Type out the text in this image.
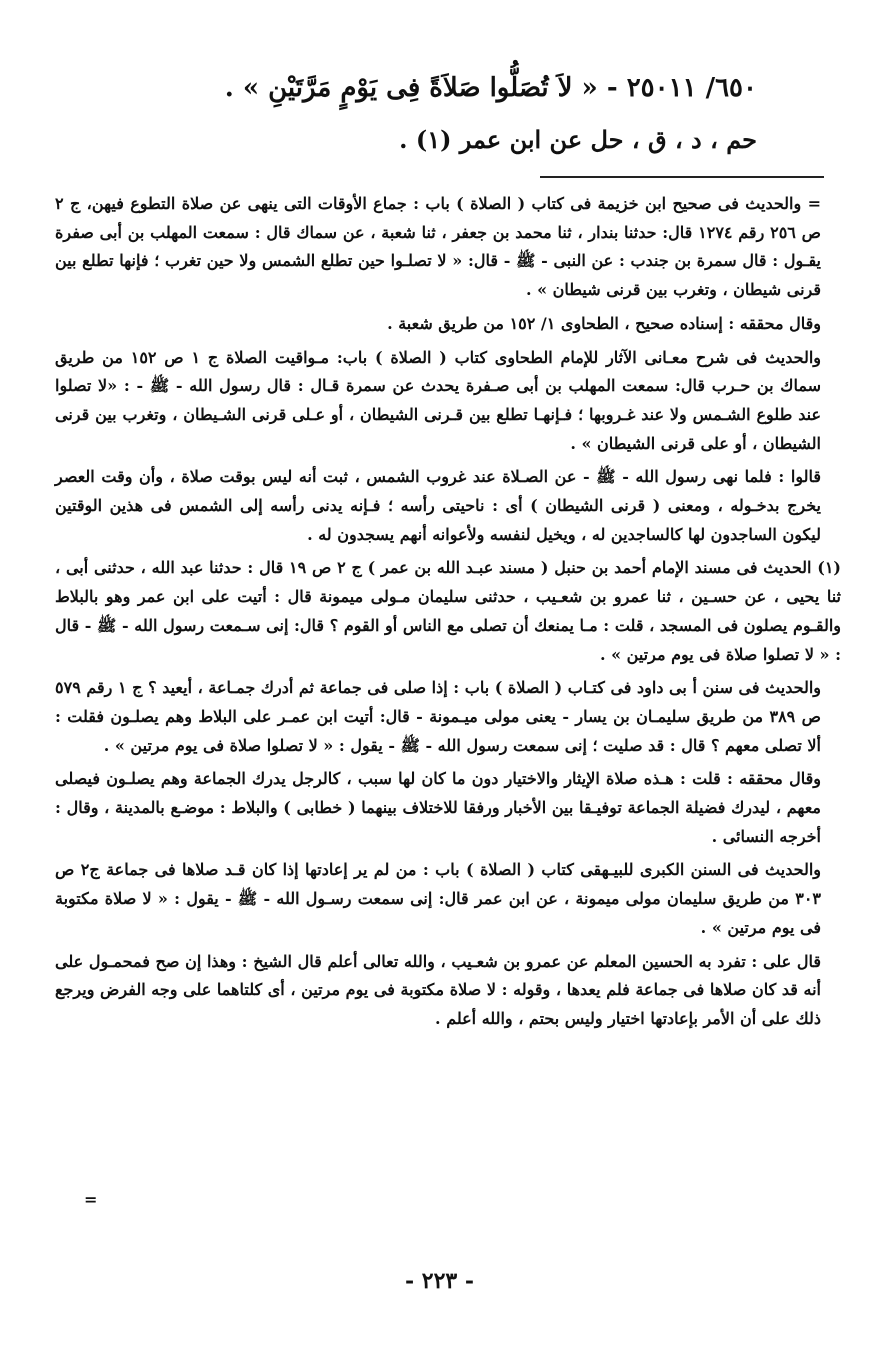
٦٥٠/ ٢٥٠١١ - « لاَ تُصَلُّوا صَلاَةً فِى يَوْمٍ مَرَّتَيْنِ » .
حم ، د ، ق ، حل عن ابن عمر (١) .

= والحديث فى صحيح ابن خزيمة فى كتاب ( الصلاة ) باب : جماع الأوقات التى ينهى عن صلاة التطوع فيهن، ج ٢ ص ٢٥٦ رقم ١٢٧٤ قال: حدثنا بندار ، ثنا محمد بن جعفر ، ثنا شعبة ، عن سماك قال : سمعت المهلب بن أبى صفرة يقـول : قال سمرة بن جندب : عن النبى - ﷺ - قال: « لا تصلـوا حين تطلع الشمس ولا حين تغرب ؛ فإنها تطلع بين قرنى شيطان ، وتغرب بين قرنى شيطان » .

وقال محققه : إسناده صحيح ، الطحاوى ١/ ١٥٢ من طريق شعبة .

والحديث فى شرح معـانى الآثار للإمام الطحاوى كتاب ( الصلاة ) باب: مـواقيت الصلاة ج ١ ص ١٥٢ من طريق سماك بن حـرب قال: سمعت المهلب بن أبى صـفرة يحدث عن سمرة قـال : قال رسول الله - ﷺ - : «لا تصلوا عند طلوع الشـمس ولا عند غـروبها ؛ فـإنهـا تطلع بين قـرنى الشيطان ، أو عـلى قرنى الشـيطان ، وتغرب بين قرنى الشيطان ، أو على قرنى الشيطان » .

قالوا : فلما نهى رسول الله - ﷺ - عن الصـلاة عند غروب الشمس ، ثبت أنه ليس بوقت صلاة ، وأن وقت العصر يخرج بدخـوله ، ومعنى ( قرنى الشيطان ) أى : ناحيتى رأسه ؛ فـإنه يدنى رأسه إلى الشمس فى هذين الوقتين ليكون الساجدون لها كالساجدين له ، ويخيل لنفسه ولأعوانه أنهم يسجدون له .

(١) الحديث فى مسند الإمام أحمد بن حنبل ( مسند عبـد الله بن عمر ) ج ٢ ص ١٩ قال : حدثنا عبد الله ، حدثنى أبى ، ثنا يحيى ، عن حسـين ، ثنا عمرو بن شعـيب ، حدثنى سليمان مـولى ميمونة قال : أتيت على ابن عمر وهو بالبلاط والقـوم يصلون فى المسجد ، قلت : مـا يمنعك أن تصلى مع الناس أو القوم ؟ قال: إنى سـمعت رسول الله - ﷺ - قال : « لا تصلوا صلاة فى يوم مرتين » .

والحديث فى سنن أ بى داود فى كتـاب ( الصلاة ) باب : إذا صلى فى جماعة ثم أدرك جمـاعة ، أيعيد ؟ ج ١ رقم ٥٧٩ ص ٣٨٩ من طريق سليمـان بن يسار - يعنى مولى ميـمونة - قال: أتيت ابن عمـر على البلاط وهم يصلـون فقلت : ألا تصلى معهم ؟ قال : قد صليت ؛ إنى سمعت رسول الله - ﷺ - يقول : « لا تصلوا صلاة فى يوم مرتين » .

وقال محققه : قلت : هـذه صلاة الإيثار والاختيار دون ما كان لها سبب ، كالرجل يدرك الجماعة وهم يصلـون فيصلى معهم ، ليدرك فضيلة الجماعة توفيـقا بين الأخبار ورفقا للاختلاف بينهما ( خطابى ) والبلاط : موضـع بالمدينة ، وقال : أخرجه النسائى .

والحديث فى السنن الكبرى للبيـهقى كتاب ( الصلاة ) باب : من لم ير إعادتها إذا كان قـد صلاها فى جماعة ج٢ ص ٣٠٣ من طريق سليمان مولى ميمونة ، عن ابن عمر قال: إنى سمعت رسـول الله - ﷺ - يقول : « لا صلاة مكتوبة فى يوم مرتين » .

قال على : تفرد به الحسين المعلم عن عمرو بن شعـيب ، والله تعالى أعلم قال الشيخ : وهذا إن صح فمحمـول على أنه قد كان صلاها فى جماعة فلم يعدها ، وقوله : لا صلاة مكتوبة فى يوم مرتين ، أى كلتاهما على وجه الفرض ويرجع ذلك على أن الأمر بإعادتها اختيار وليس بحتم ، والله أعلم .

=
- ٢٢٣ -
